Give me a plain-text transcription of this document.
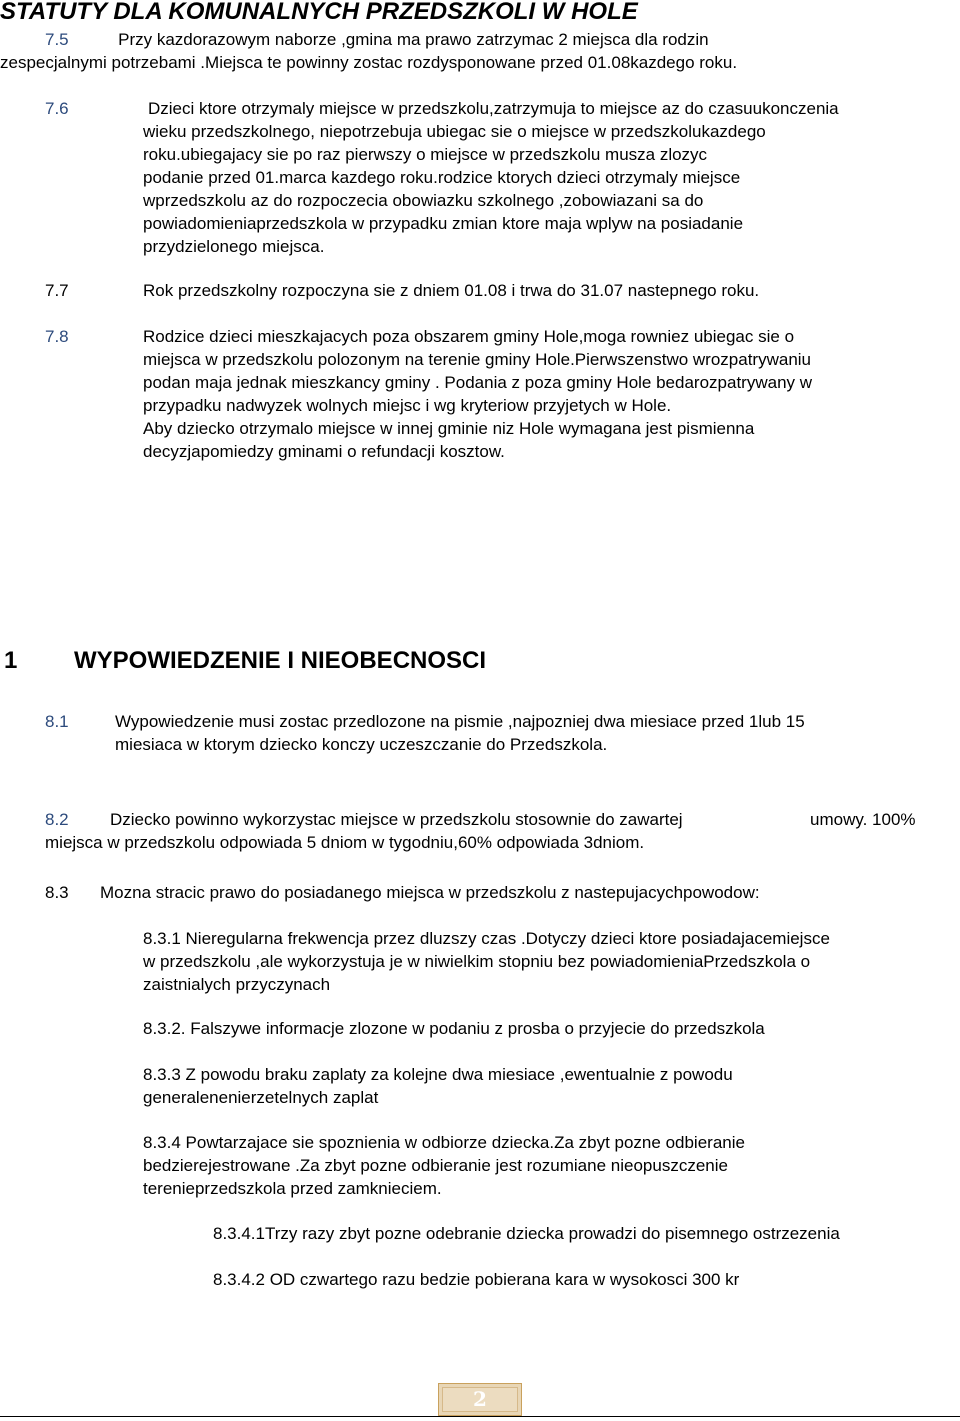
STATUTY DLA KOMUNALNYCH PRZEDSZKOLI W HOLE
7.5	Przy kazdorazowym naborze ,gmina ma prawo zatrzymac 2 miejsca dla rodzin
zespecjalnymi potrzebami .Miejsca te powinny zostac rozdysponowane przed 01.08kazdego roku.
7.6	Dzieci ktore otrzymaly miejsce w przedszkolu,zatrzymuja to miejsce az do czasuukonczenia
wieku przedszkolnego, niepotrzebuja ubiegac sie o miejsce w przedszkolukazdego
roku.ubiegajacy sie po raz pierwszy o miejsce w przedszkolu musza zlozyc
podanie przed 01.marca kazdego roku.rodzice ktorych dzieci otrzymaly miejsce
wprzedszkolu az do rozpoczecia obowiazku szkolnego ,zobowiazani sa do
powiadomieniaprzedszkola w przypadku zmian ktore maja wplyw na posiadanie
przydzielonego miejsca.
7.7	Rok przedszkolny rozpoczyna sie z dniem 01.08 i trwa do 31.07 nastepnego roku.
7.8	Rodzice dzieci mieszkajacych poza obszarem gminy Hole,moga rowniez ubiegac sie o
miejsca w przedszkolu polozonym na terenie gminy Hole.Pierwszenstwo wrozpatrywaniu
podan maja jednak mieszkancy gminy . Podania z poza gminy Hole bedarozpatrywany w
przypadku nadwyzek wolnych miejsc i wg kryteriow przyjetych w Hole.
Aby dziecko otrzymalo miejsce w innej gminie niz Hole wymagana jest pismienna
decyzjapomiedzy gminami o refundacji kosztow.
1 WYPOWIEDZENIE I NIEOBECNOSCI
8.1	Wypowiedzenie musi zostac przedlozone na pismie ,najpozniej dwa miesiace przed 1lub 15
miesiaca w ktorym dziecko konczy uczeszczanie do Przedszkola.
8.2 Dziecko powinno wykorzystac miejsce w przedszkolu stosownie do zawartej	umowy. 100%
miejsca w przedszkolu odpowiada 5 dniom w tygodniu,60% odpowiada 3dniom.
8.3 Mozna stracic prawo do posiadanego miejsca w przedszkolu z nastepujacychpowodow:
8.3.1 Nieregularna frekwencja przez dluzszy czas .Dotyczy dzieci ktore posiadajacemiejsce
w przedszkolu ,ale wykorzystuja je w niwielkim stopniu bez powiadomieniaPrzedszkola o
zaistnialych przyczynach
8.3.2. Falszywe informacje zlozone w podaniu z prosba o przyjecie do przedszkola
8.3.3 Z powodu braku zaplaty za kolejne dwa miesiace ,ewentualnie z powodu
generalenenierzetelnych zaplat
8.3.4 Powtarzajace sie spoznienia w odbiorze dziecka.Za zbyt pozne odbieranie
bedzierejestrowane .Za zbyt pozne odbieranie jest rozumiane nieopuszczenie
terenieprzedszkola przed zamknieciem.
8.3.4.1Trzy razy zbyt pozne odebranie dziecka prowadzi do pisemnego ostrzezenia
8.3.4.2 OD czwartego razu bedzie pobierana kara w wysokosci 300 kr
2
